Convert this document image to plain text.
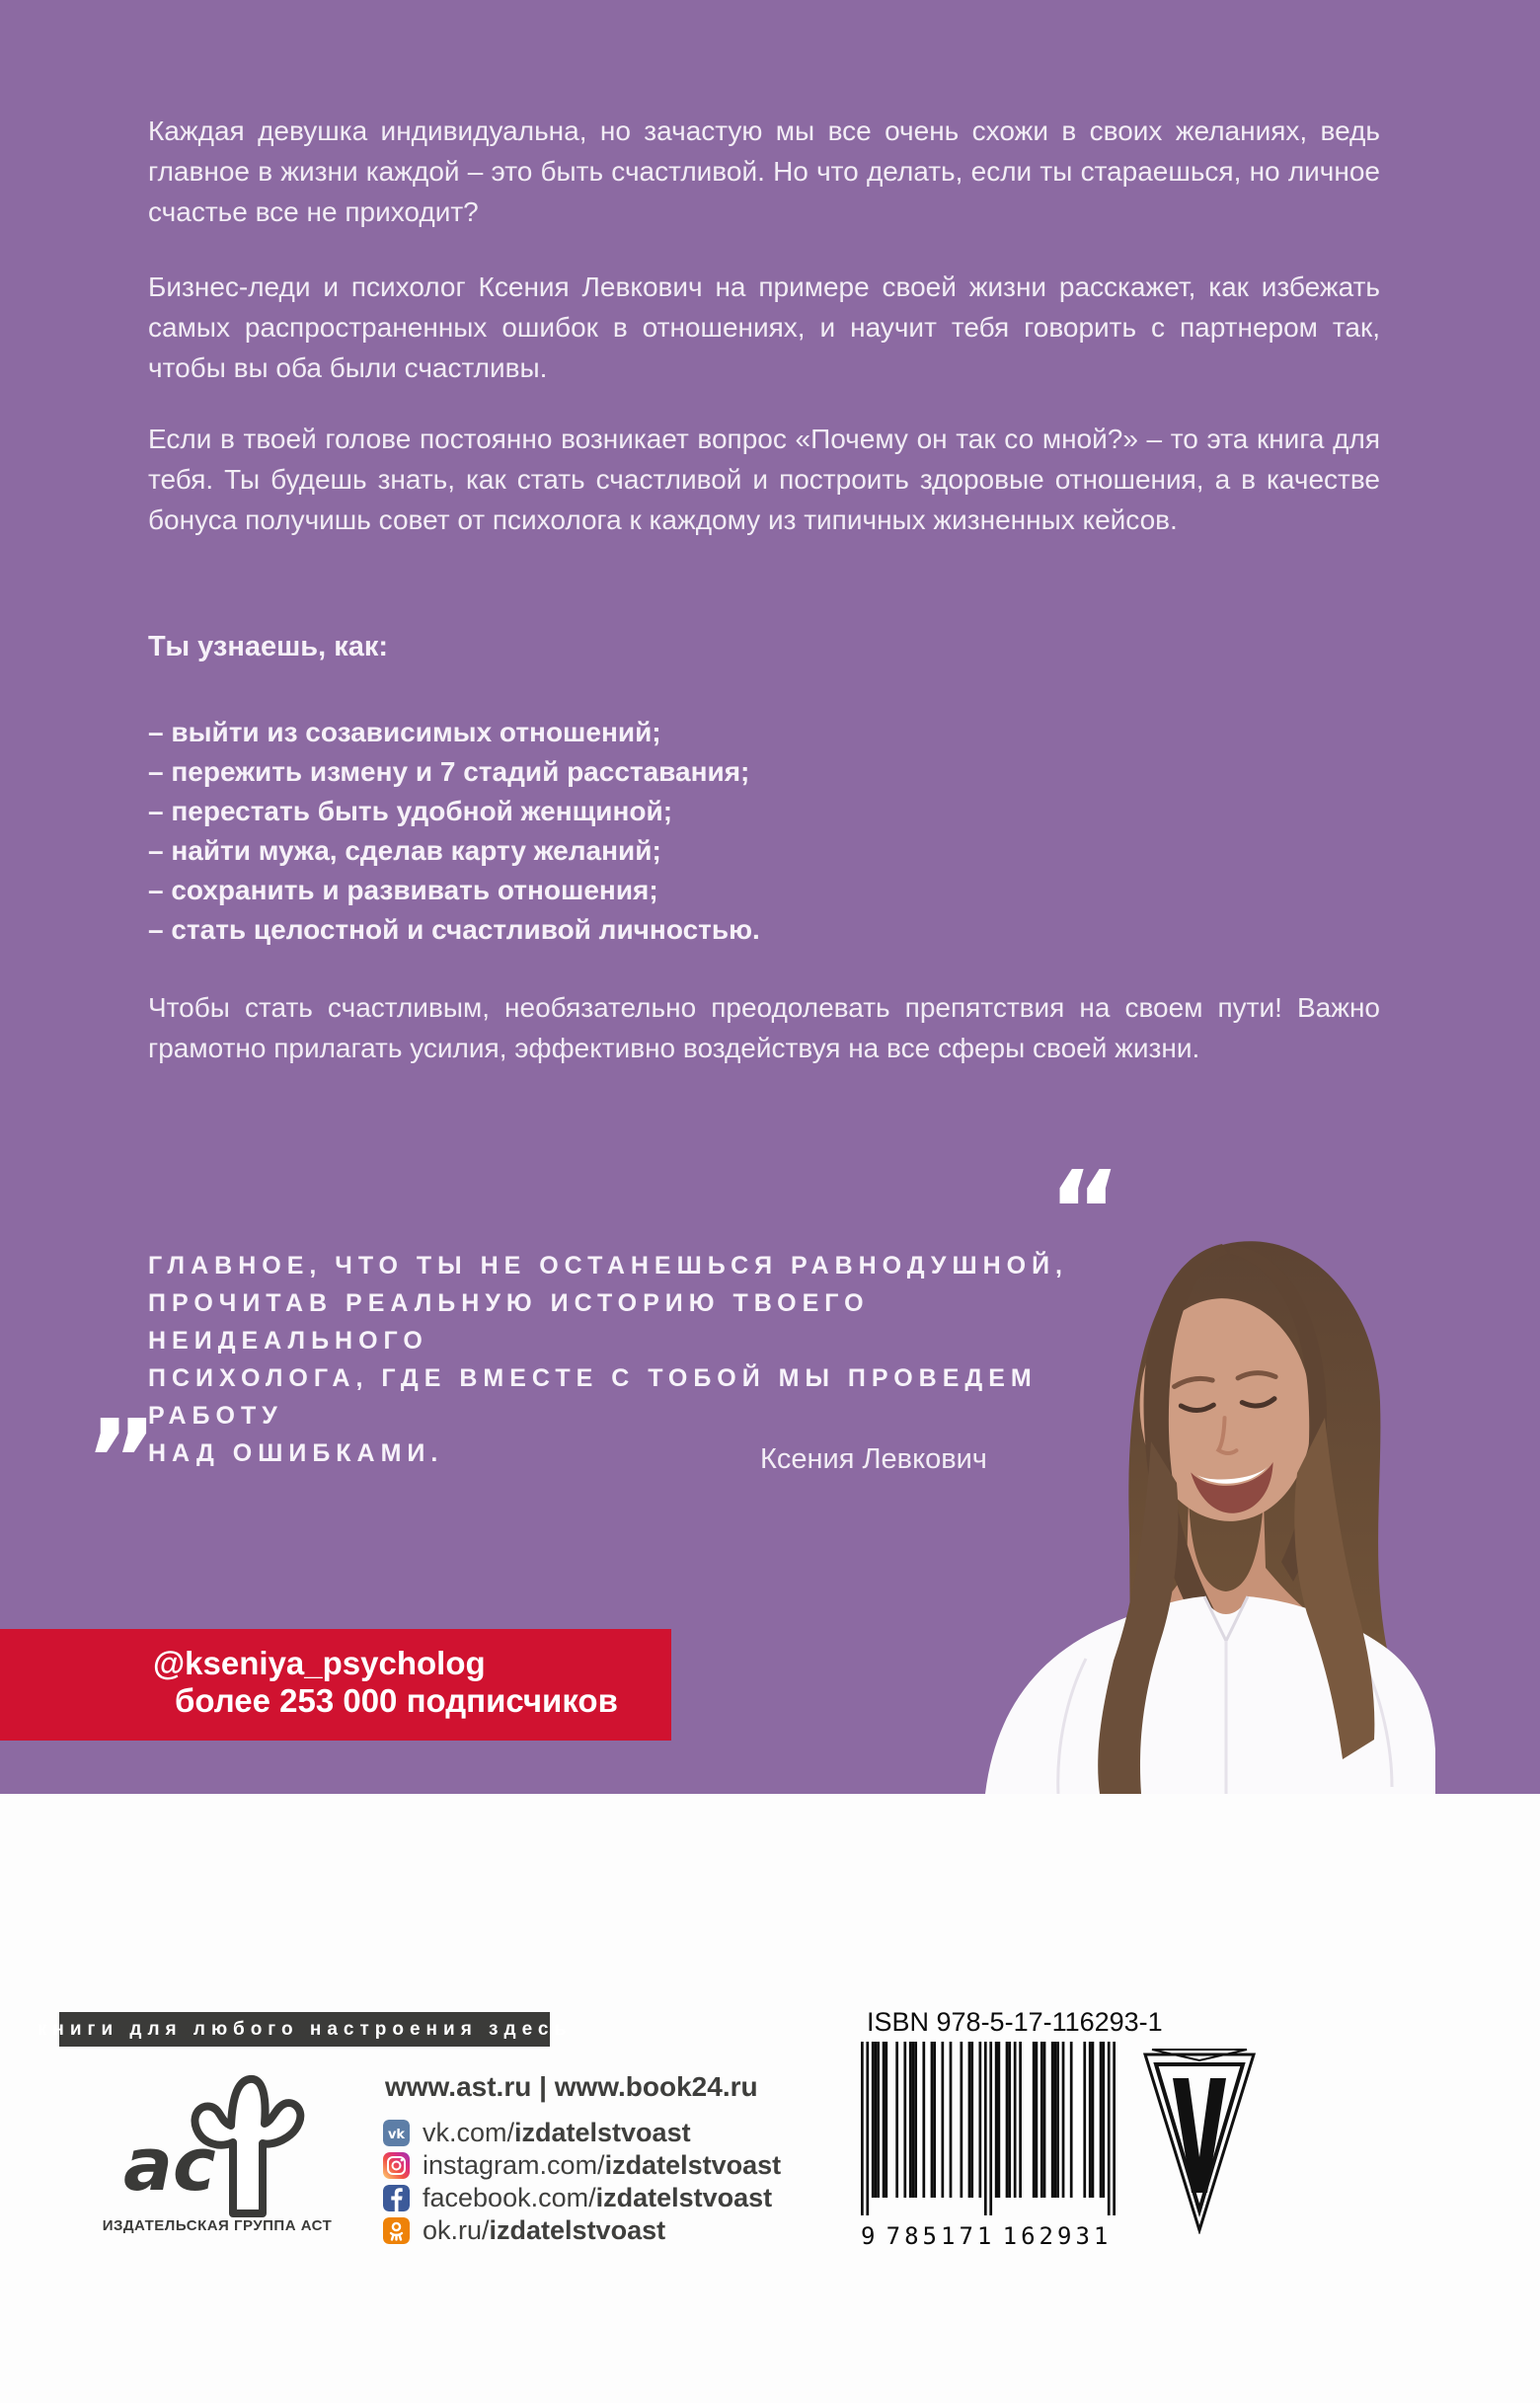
Каждая девушка индивидуальна, но зачастую мы все очень схожи в своих желаниях, ведь главное в жизни каждой – это быть счастливой. Но что делать, если ты стараешься, но личное счастье все не приходит?
Бизнес-леди и психолог Ксения Левкович на примере своей жизни расскажет, как избежать самых распространенных ошибок в отношениях, и научит тебя говорить с партнером так, чтобы вы оба были счастливы.
Если в твоей голове постоянно возникает вопрос «Почему он так со мной?» – то эта книга для тебя. Ты будешь знать, как стать счастливой и построить здоровые отношения, а в качестве бонуса получишь совет от психолога к каждому из типичных жизненных кейсов.
Ты узнаешь, как:
– выйти из созависимых отношений;
– пережить измену и 7 стадий расставания;
– перестать быть удобной женщиной;
– найти мужа, сделав карту желаний;
– сохранить и развивать отношения;
– стать целостной и счастливой личностью.
Чтобы стать счастливым, необязательно преодолевать препятствия на своем пути! Важно грамотно прилагать усилия, эффективно воздействуя на все сферы своей жизни.
“
ГЛАВНОЕ, ЧТО ТЫ НЕ ОСТАНЕШЬСЯ РАВНОДУШНОЙ,
ПРОЧИТАВ РЕАЛЬНУЮ ИСТОРИЮ ТВОЕГО НЕИДЕАЛЬНОГО
ПСИХОЛОГА, ГДЕ ВМЕСТЕ С ТОБОЙ МЫ ПРОВЕДЕМ РАБОТУ
НАД ОШИБКАМИ.
”	Ксения Левкович
@kseniya_psycholog
более 253 000 подписчиков
книги для любого настроения здесь
ас
ИЗДАТЕЛЬСКАЯ ГРУППА АСТ
www.ast.ru | www.book24.ru
vk vk.com/izdatelstvoast
instagram.com/izdatelstvoast
facebook.com/izdatelstvoast
ok.ru/izdatelstvoast
ISBN 978-5-17-116293-1
9 785171 162931
